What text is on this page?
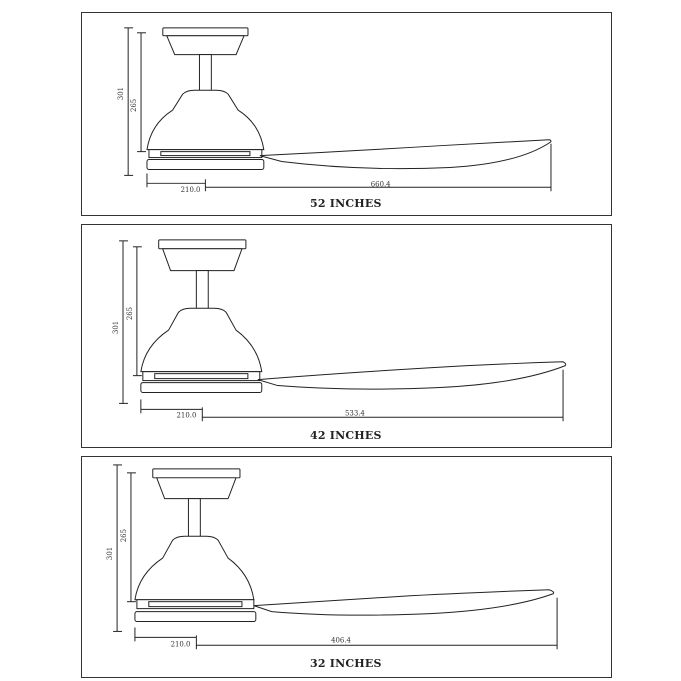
301
265
210.0
660.4
52 INCHES
301
265
210.0	533.4
42 INCHES
301
265
210.0	406.4
32 INCHES
